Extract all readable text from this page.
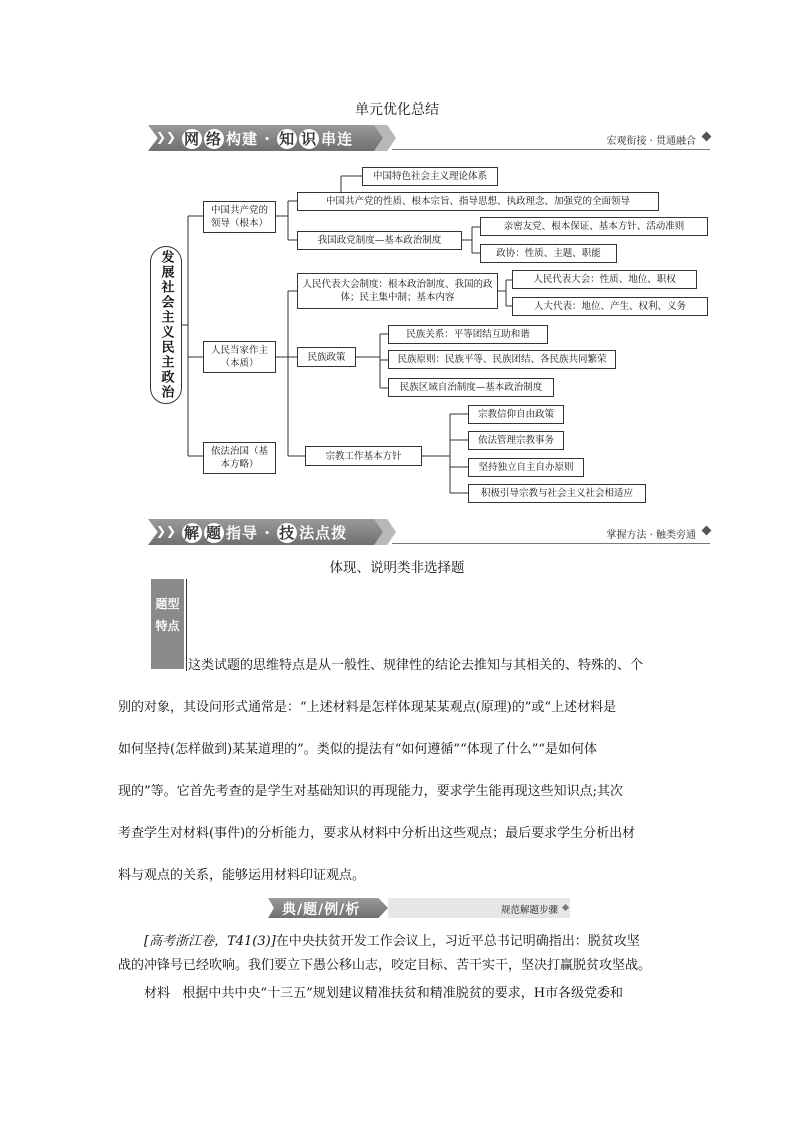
单元优化总结
❯❯ 网 络 构建 · 知 识 串连	宏观衔接 · 贯通融合
发展社会主义民主政治
中国共产党的领导（根本）
人民当家作主（本质）
依法治国（基本方略）
中国特色社会主义理论体系
中国共产党的性质、根本宗旨、指导思想、执政理念、加强党的全面领导
我国政党制度—基本政治制度
亲密友党、根本保证、基本方针、活动准则
政协：性质、主题、职能
人民代表大会制度：根本政治制度、我国的政体；民主集中制；基本内容
人民代表大会：性质、地位、职权
人大代表：地位、产生、权利、义务
民族政策
民族关系：平等团结互助和谐
民族原则：民族平等、民族团结、各民族共同繁荣
民族区域自治制度—基本政治制度
宗教工作基本方针
宗教信仰自由政策
依法管理宗教事务
坚持独立自主自办原则
积极引导宗教与社会主义社会相适应
❯❯ 解 题 指导 · 技 法点拨	掌握方法 · 触类旁通
体现、说明类非选择题
题型
特点
这类试题的思维特点是从一般性、规律性的结论去推知与其相关的、特殊的、个
别的对象，其设问形式通常是：“上述材料是怎样体现某某观点(原理)的”或“上述材料是
如何坚持(怎样做到)某某道理的”。类似的提法有“如何遵循”“体现了什么”“是如何体
现的”等。它首先考查的是学生对基础知识的再现能力，要求学生能再现这些知识点;其次
考查学生对材料(事件)的分析能力，要求从材料中分析出这些观点；最后要求学生分析出材
料与观点的关系，能够运用材料印证观点。
典/题/例/析	规范解题步骤
[高考浙江卷，T41(3)]在中央扶贫开发工作会议上，习近平总书记明确指出：脱贫攻坚
战的冲锋号已经吹响。我们要立下愚公移山志，咬定目标、苦干实干，坚决打赢脱贫攻坚战。
材料 根据中共中央“十三五”规划建议精准扶贫和精准脱贫的要求，H市各级党委和
